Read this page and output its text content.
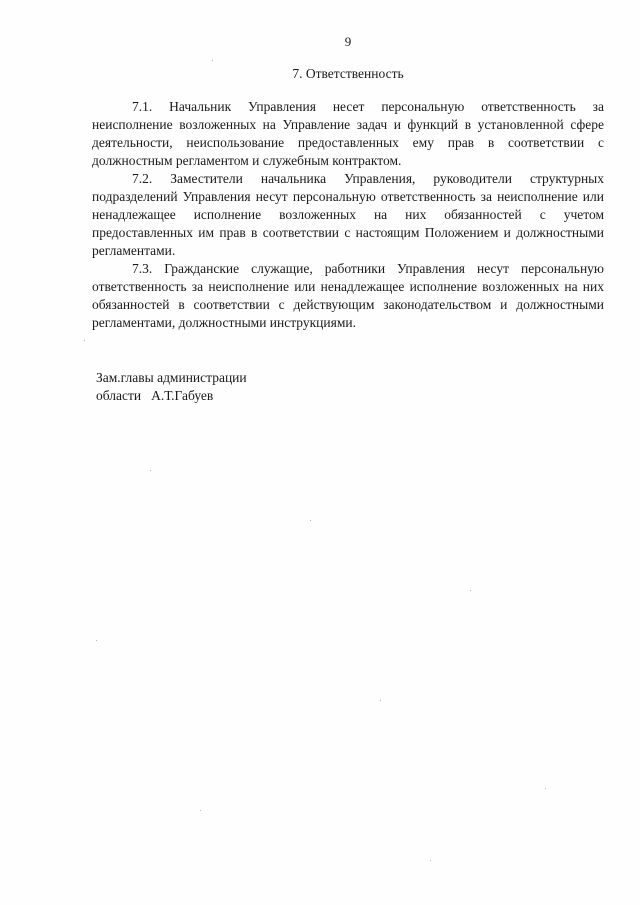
9
7. Ответственность

7.1. Начальник Управления несет персональную ответственность за неисполнение возложенных на Управление задач и функций в установленной сфере деятельности, неиспользование предоставленных ему прав в соответствии с должностным регламентом и служебным контрактом.

7.2. Заместители начальника Управления, руководители структурных подразделений Управления несут персональную ответственность за неисполнение или ненадлежащее исполнение возложенных на них обязанностей с учетом предоставленных им прав в соответствии с настоящим Положением и должностными регламентами.

7.3. Гражданские служащие, работники Управления несут персональную ответственность за неисполнение или ненадлежащее исполнение возложенных на них обязанностей в соответствии с действующим законодательством и должностными регламентами, должностными инструкциями.

Зам.главы администрации
области А.Т.Габуев
